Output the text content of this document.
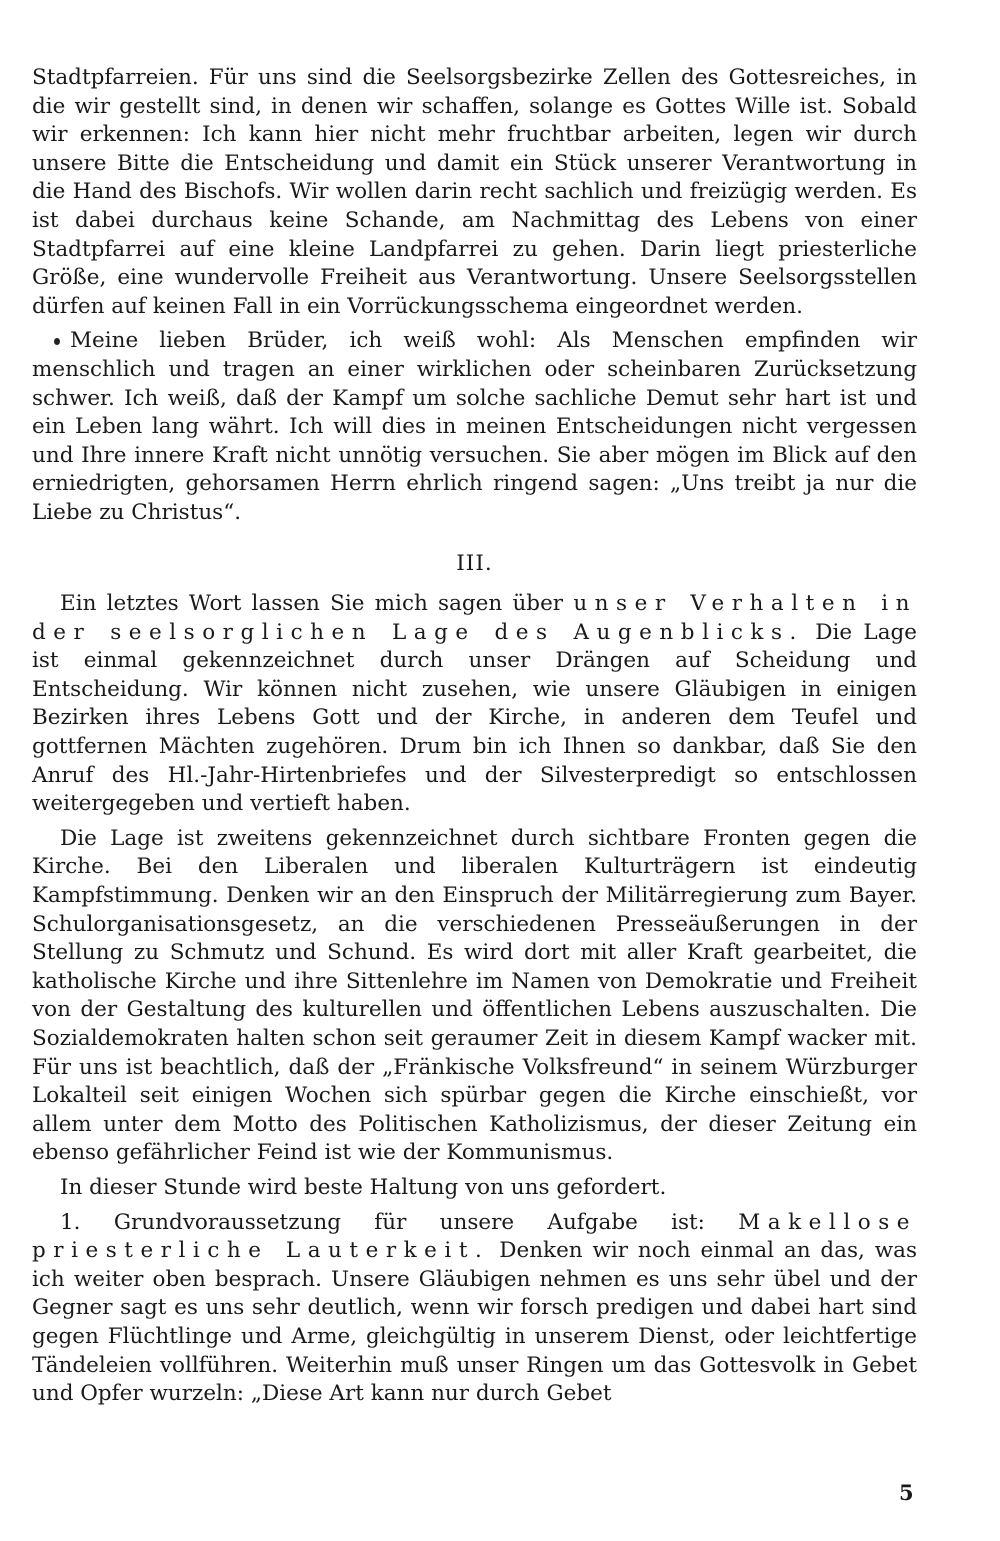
Stadtpfarreien. Für uns sind die Seelsorgsbezirke Zellen des Gottesreiches, in die wir gestellt sind, in denen wir schaffen, solange es Gottes Wille ist. Sobald wir erkennen: Ich kann hier nicht mehr fruchtbar arbeiten, legen wir durch unsere Bitte die Entscheidung und damit ein Stück unserer Verantwortung in die Hand des Bischofs. Wir wollen darin recht sachlich und freizügig werden. Es ist dabei durchaus keine Schande, am Nachmittag des Lebens von einer Stadtpfarrei auf eine kleine Landpfarrei zu gehen. Darin liegt priesterliche Größe, eine wundervolle Freiheit aus Verantwortung. Unsere Seelsorgsstellen dürfen auf keinen Fall in ein Vorrückungsschema eingeordnet werden.

Meine lieben Brüder, ich weiß wohl: Als Menschen empfinden wir menschlich und tragen an einer wirklichen oder scheinbaren Zurücksetzung schwer. Ich weiß, daß der Kampf um solche sachliche Demut sehr hart ist und ein Leben lang währt. Ich will dies in meinen Entscheidungen nicht vergessen und Ihre innere Kraft nicht unnötig versuchen. Sie aber mögen im Blick auf den erniedrigten, gehorsamen Herrn ehrlich ringend sagen: „Uns treibt ja nur die Liebe zu Christus“.

III.

Ein letztes Wort lassen Sie mich sagen über unser Verhalten in der seelsorglichen Lage des Augenblicks. Die Lage ist einmal gekennzeichnet durch unser Drängen auf Scheidung und Entscheidung. Wir können nicht zusehen, wie unsere Gläubigen in einigen Bezirken ihres Lebens Gott und der Kirche, in anderen dem Teufel und gottfernen Mächten zugehören. Drum bin ich Ihnen so dankbar, daß Sie den Anruf des Hl.-Jahr-Hirtenbriefes und der Silvesterpredigt so entschlossen weitergegeben und vertieft haben.

Die Lage ist zweitens gekennzeichnet durch sichtbare Fronten gegen die Kirche. Bei den Liberalen und liberalen Kulturträgern ist eindeutig Kampfstimmung. Denken wir an den Einspruch der Militärregierung zum Bayer. Schulorganisationsgesetz, an die verschiedenen Presseäußerungen in der Stellung zu Schmutz und Schund. Es wird dort mit aller Kraft gearbeitet, die katholische Kirche und ihre Sittenlehre im Namen von Demokratie und Freiheit von der Gestaltung des kulturellen und öffentlichen Lebens auszuschalten. Die Sozialdemokraten halten schon seit geraumer Zeit in diesem Kampf wacker mit. Für uns ist beachtlich, daß der „Fränkische Volksfreund“ in seinem Würzburger Lokalteil seit einigen Wochen sich spürbar gegen die Kirche einschießt, vor allem unter dem Motto des Politischen Katholizismus, der dieser Zeitung ein ebenso gefährlicher Feind ist wie der Kommunismus.

In dieser Stunde wird beste Haltung von uns gefordert.

1. Grundvoraussetzung für unsere Aufgabe ist: Makellose priesterliche Lauterkeit. Denken wir noch einmal an das, was ich weiter oben besprach. Unsere Gläubigen nehmen es uns sehr übel und der Gegner sagt es uns sehr deutlich, wenn wir forsch predigen und dabei hart sind gegen Flüchtlinge und Arme, gleichgültig in unserem Dienst, oder leichtfertige Tändeleien vollführen. Weiterhin muß unser Ringen um das Gottesvolk in Gebet und Opfer wurzeln: „Diese Art kann nur durch Gebet

5
